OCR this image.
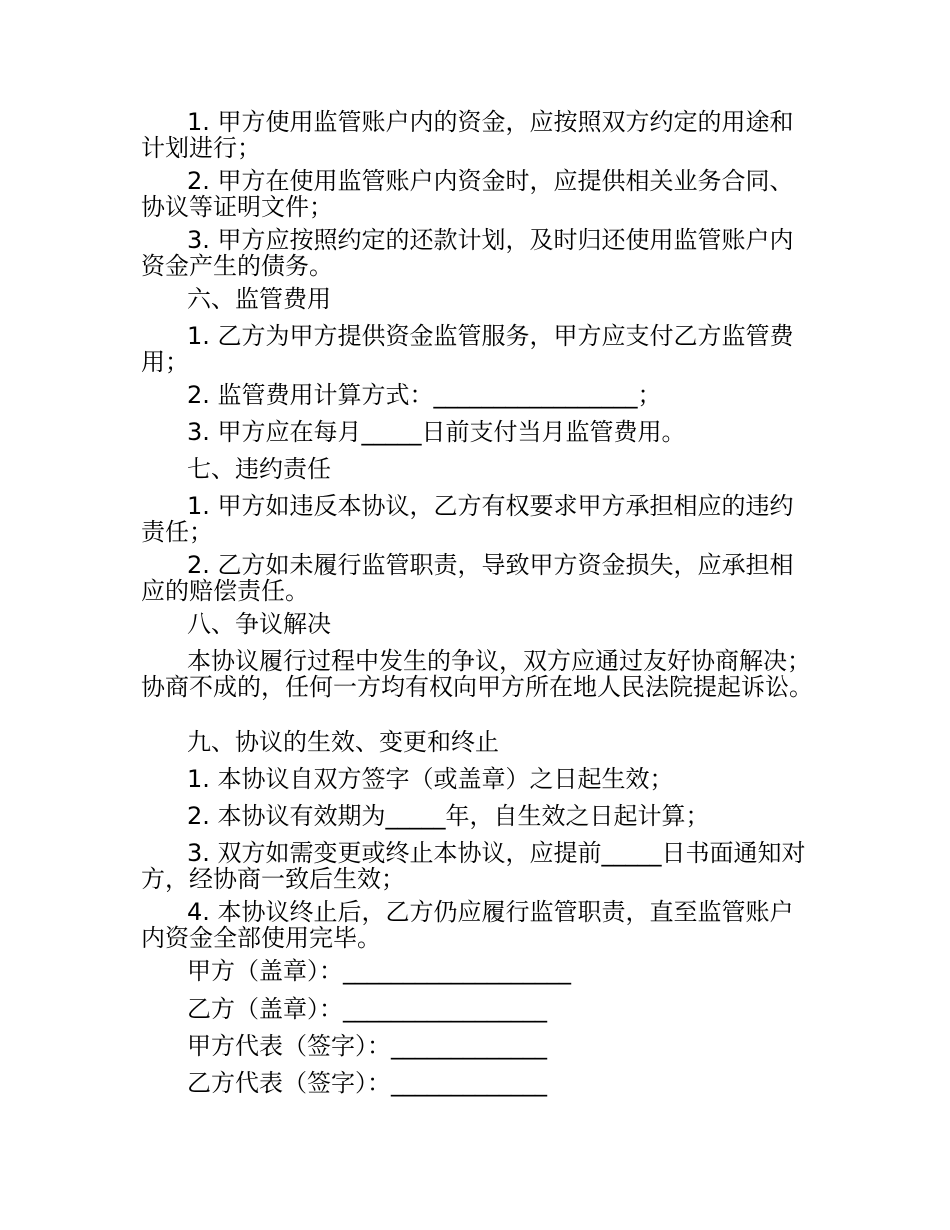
1. 甲方使用监管账户内的资金，应按照双方约定的用途和计划进行；
2. 甲方在使用监管账户内资金时，应提供相关业务合同、协议等证明文件；
3. 甲方应按照约定的还款计划，及时归还使用监管账户内资金产生的债务。
六、监管费用
1. 乙方为甲方提供资金监管服务，甲方应支付乙方监管费用；
2. 监管费用计算方式：_________________；
3. 甲方应在每月_____日前支付当月监管费用。
七、违约责任
1. 甲方如违反本协议，乙方有权要求甲方承担相应的违约责任；
2. 乙方如未履行监管职责，导致甲方资金损失，应承担相应的赔偿责任。
八、争议解决
本协议履行过程中发生的争议，双方应通过友好协商解决；协商不成的，任何一方均有权向甲方所在地人民法院提起诉讼。
九、协议的生效、变更和终止
1. 本协议自双方签字（或盖章）之日起生效；
2. 本协议有效期为_____年，自生效之日起计算；
3. 双方如需变更或终止本协议，应提前_____日书面通知对方，经协商一致后生效；
4. 本协议终止后，乙方仍应履行监管职责，直至监管账户内资金全部使用完毕。
甲方（盖章）：___________________
乙方（盖章）：_________________
甲方代表（签字）：_____________
乙方代表（签字）：_____________
